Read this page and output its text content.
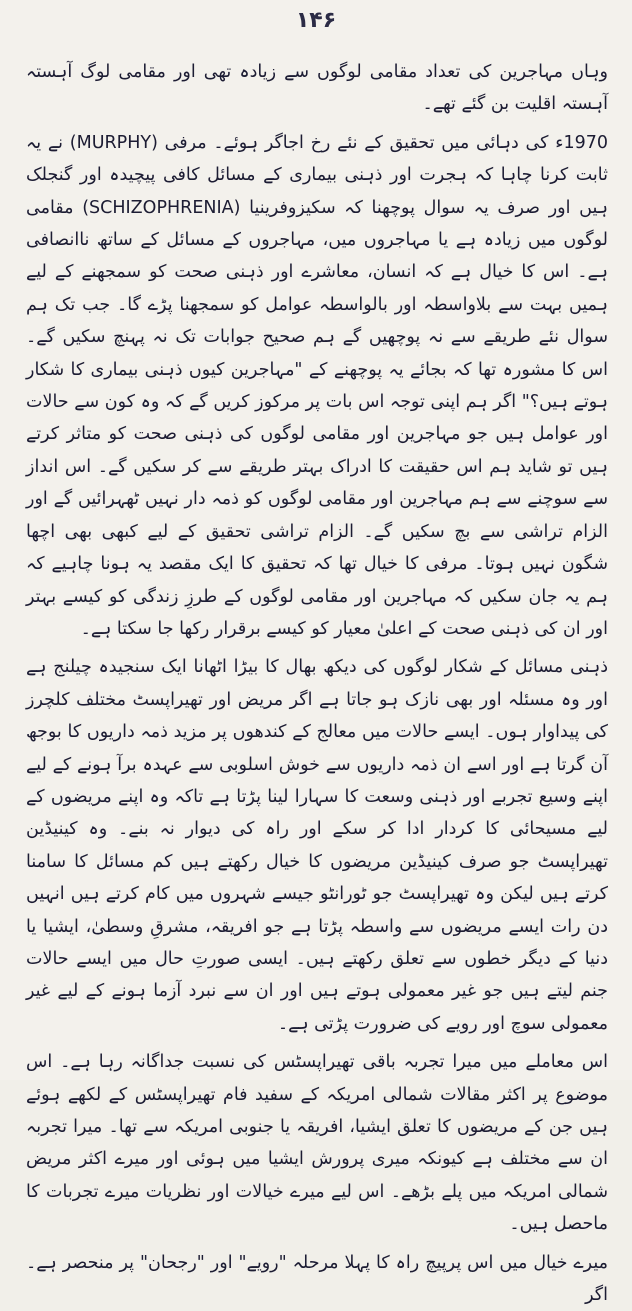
۱۴۶

وہاں مہاجرین کی تعداد مقامی لوگوں سے زیادہ تھی اور مقامی لوگ آہستہ آہستہ اقلیت بن گئے تھے۔

1970ء کی دہائی میں تحقیق کے نئے رخ اجاگر ہوئے۔ مرفی (MURPHY) نے یہ ثابت کرنا چاہا کہ ہجرت اور ذہنی بیماری کے مسائل کافی پیچیدہ اور گنجلک ہیں اور صرف یہ سوال پوچھنا کہ سکیزوفرینیا (SCHIZOPHRENIA) مقامی لوگوں میں زیادہ ہے یا مہاجروں میں، مہاجروں کے مسائل کے ساتھ ناانصافی ہے۔ اس کا خیال ہے کہ انسان، معاشرے اور ذہنی صحت کو سمجھنے کے لیے ہمیں بہت سے بلاواسطہ اور بالواسطہ عوامل کو سمجھنا پڑے گا۔ جب تک ہم سوال نئے طریقے سے نہ پوچھیں گے ہم صحیح جوابات تک نہ پہنچ سکیں گے۔ اس کا مشورہ تھا کہ بجائے یہ پوچھنے کے "مہاجرین کیوں ذہنی بیماری کا شکار ہوتے ہیں؟" اگر ہم اپنی توجہ اس بات پر مرکوز کریں گے کہ وہ کون سے حالات اور عوامل ہیں جو مہاجرین اور مقامی لوگوں کی ذہنی صحت کو متاثر کرتے ہیں تو شاید ہم اس حقیقت کا ادراک بہتر طریقے سے کر سکیں گے۔ اس انداز سے سوچنے سے ہم مہاجرین اور مقامی لوگوں کو ذمہ دار نہیں ٹھہرائیں گے اور الزام تراشی سے بچ سکیں گے۔ الزام تراشی تحقیق کے لیے کبھی بھی اچھا شگون نہیں ہوتا۔ مرفی کا خیال تھا کہ تحقیق کا ایک مقصد یہ ہونا چاہیے کہ ہم یہ جان سکیں کہ مہاجرین اور مقامی لوگوں کے طرزِ زندگی کو کیسے بہتر اور ان کی ذہنی صحت کے اعلیٰ معیار کو کیسے برقرار رکھا جا سکتا ہے۔

ذہنی مسائل کے شکار لوگوں کی دیکھ بھال کا بیڑا اٹھانا ایک سنجیدہ چیلنج ہے اور وہ مسئلہ اور بھی نازک ہو جاتا ہے اگر مریض اور تھیراپسٹ مختلف کلچرز کی پیداوار ہوں۔ ایسے حالات میں معالج کے کندھوں پر مزید ذمہ داریوں کا بوجھ آن گرتا ہے اور اسے ان ذمہ داریوں سے خوش اسلوبی سے عہدہ برآ ہونے کے لیے اپنے وسیع تجربے اور ذہنی وسعت کا سہارا لینا پڑتا ہے تاکہ وہ اپنے مریضوں کے لیے مسیحائی کا کردار ادا کر سکے اور راہ کی دیوار نہ بنے۔ وہ کینیڈین تھیراپسٹ جو صرف کینیڈین مریضوں کا خیال رکھتے ہیں کم مسائل کا سامنا کرتے ہیں لیکن وہ تھیراپسٹ جو ٹورانٹو جیسے شہروں میں کام کرتے ہیں انہیں دن رات ایسے مریضوں سے واسطہ پڑتا ہے جو افریقہ، مشرقِ وسطیٰ، ایشیا یا دنیا کے دیگر خطوں سے تعلق رکھتے ہیں۔ ایسی صورتِ حال میں ایسے حالات جنم لیتے ہیں جو غیر معمولی ہوتے ہیں اور ان سے نبرد آزما ہونے کے لیے غیر معمولی سوچ اور رویے کی ضرورت پڑتی ہے۔

اس معاملے میں میرا تجربہ باقی تھیراپسٹس کی نسبت جداگانہ رہا ہے۔ اس موضوع پر اکثر مقالات شمالی امریکہ کے سفید فام تھیراپسٹس کے لکھے ہوئے ہیں جن کے مریضوں کا تعلق ایشیا، افریقہ یا جنوبی امریکہ سے تھا۔ میرا تجربہ ان سے مختلف ہے کیونکہ میری پرورش ایشیا میں ہوئی اور میرے اکثر مریض شمالی امریکہ میں پلے بڑھے۔ اس لیے میرے خیالات اور نظریات میرے تجربات کا ماحصل ہیں۔

میرے خیال میں اس پرپیچ راہ کا پہلا مرحلہ "رویے" اور "رجحان" پر منحصر ہے۔ اگر
